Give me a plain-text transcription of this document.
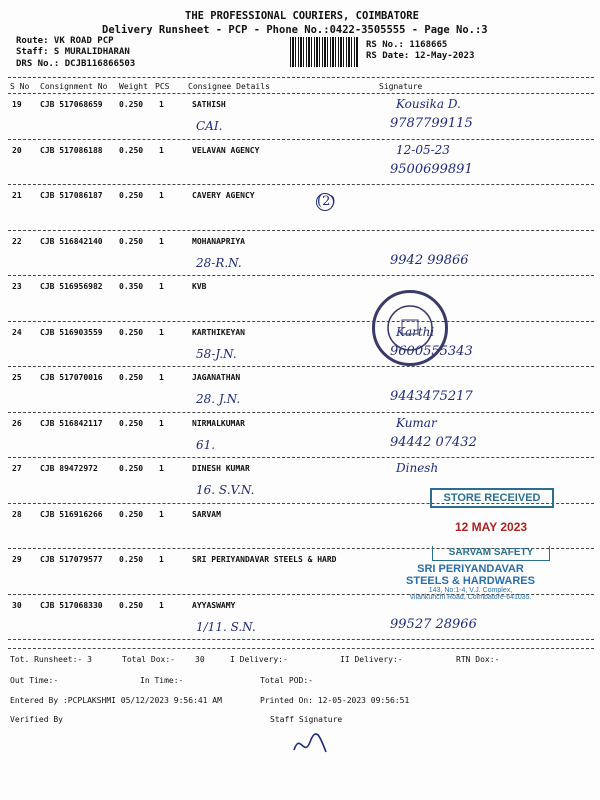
THE PROFESSIONAL COURIERS, COIMBATORE
Delivery Runsheet - PCP - Phone No.:0422-3505555 - Page No.:3
Route: VK ROAD PCP
Staff: S MURALIDHARAN
DRS No.: DCJB116866503
RS No.: 1168665
RS Date: 12-May-2023
S No Consignment No Weight PCS Consignee Details	Signature
19 CJB 517068659 0.250 1	SATHISH
CAI.
Kousika D.
9787799115
20 CJB 517086188 0.250 1	VELAVAN AGENCY	12-05-23
9500699891
21 CJB 517086187 0.250 1	CAVERY AGENCY
22 CJB 516842140 0.250 1	MOHANAPRIYA
28-R.N.	9942 99866
23 CJB 516956982 0.350 1	KVB
24 CJB 516903559 0.250 1	KARTHIKEYAN
58-J.N.
Karthi
9600555343
25 CJB 517070016 0.250 1	JAGANATHAN
28. J.N.	9443475217
26 CJB 516842117 0.250 1	NIRMALKUMAR
61.
Kumar
94442 07432
27 CJB 89472972	0.250 1	DINESH KUMAR
16. S.V.N.
Dinesh
28 CJB 516916266 0.250 1	SARVAM
29 CJB 517079577 0.250 1	SRI PERIYANDAVAR STEELS & HARD
30 CJB 517068330 0.250 1	AYYASWAMY
1/11. S.N.	99527 28966
(2)
STORE RECEIVED
12 MAY 2023
SARVAM SAFETY
SRI PERIYANDAVAR
STEELS & HARDWARES
143, No:1-4, V.J. Complex,
Vilankurichi Road, Coimbatore-641035.
Tot. Runsheet:- 3	Total Dox:-	30	I Delivery:-	II Delivery:-	RTN Dox:-
Out Time:-	In Time:-	Total POD:-
Entered By :PCPLAKSHMI 05/12/2023 9:56:41 AM	Printed On: 12-05-2023 09:56:51
Verified By	Staff Signature
